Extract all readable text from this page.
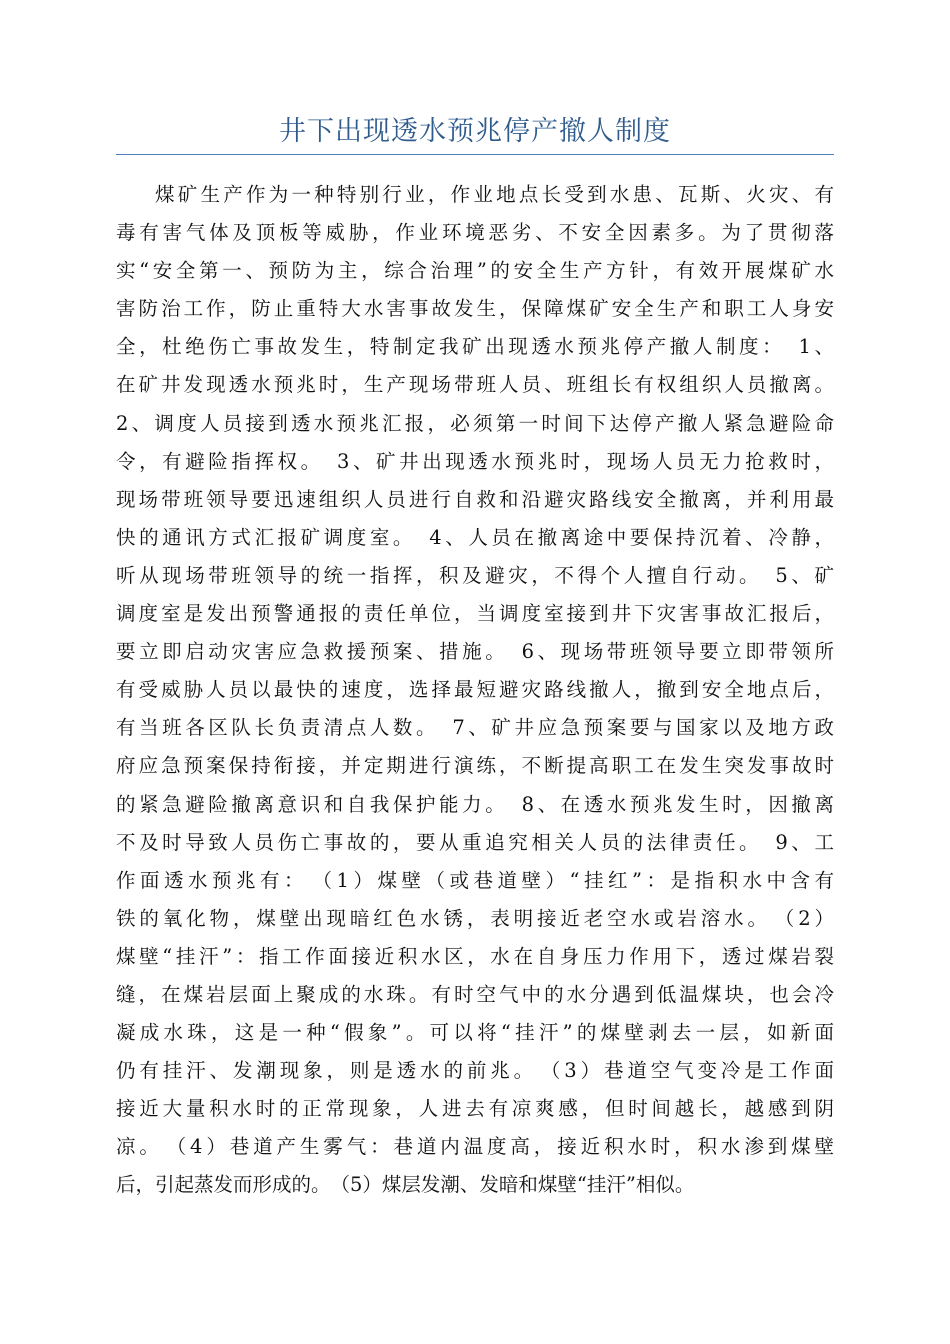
井下出现透水预兆停产撤人制度
煤矿生产作为一种特别行业，作业地点长受到水患、瓦斯、火灾、有
毒有害气体及顶板等威胁，作业环境恶劣、不安全因素多。为了贯彻落
实“安全第一、预防为主，综合治理”的安全生产方针，有效开展煤矿水
害防治工作，防止重特大水害事故发生，保障煤矿安全生产和职工人身安
全，杜绝伤亡事故发生，特制定我矿出现透水预兆停产撤人制度：　1、
在矿井发现透水预兆时，生产现场带班人员、班组长有权组织人员撤离。
2、调度人员接到透水预兆汇报，必须第一时间下达停产撤人紧急避险命
令，有避险指挥权。　3、矿井出现透水预兆时，现场人员无力抢救时，
现场带班领导要迅速组织人员进行自救和沿避灾路线安全撤离，并利用最
快的通讯方式汇报矿调度室。　4、人员在撤离途中要保持沉着、冷静，
听从现场带班领导的统一指挥，积及避灾，不得个人擅自行动。　5、矿
调度室是发出预警通报的责任单位，当调度室接到井下灾害事故汇报后，
要立即启动灾害应急救援预案、措施。　6、现场带班领导要立即带领所
有受威胁人员以最快的速度，选择最短避灾路线撤人，撤到安全地点后，
有当班各区队长负责清点人数。　7、矿井应急预案要与国家以及地方政
府应急预案保持衔接，并定期进行演练，不断提高职工在发生突发事故时
的紧急避险撤离意识和自我保护能力。　8、在透水预兆发生时，因撤离
不及时导致人员伤亡事故的，要从重追究相关人员的法律责任。　9、工
作面透水预兆有：　（1）煤壁（或巷道壁）“挂红”：是指积水中含有
铁的氧化物，煤壁出现暗红色水锈，表明接近老空水或岩溶水。　（2）
煤壁“挂汗”：指工作面接近积水区，水在自身压力作用下，透过煤岩裂
缝，在煤岩层面上聚成的水珠。有时空气中的水分遇到低温煤块，也会冷
凝成水珠，这是一种“假象”。可以将“挂汗”的煤壁剥去一层，如新面
仍有挂汗、发潮现象，则是透水的前兆。　（3）巷道空气变冷是工作面
接近大量积水时的正常现象，人进去有凉爽感，但时间越长，越感到阴
凉。　（4）巷道产生雾气：巷道内温度高，接近积水时，积水渗到煤壁
后，引起蒸发而形成的。　（5）煤层发潮、发暗和煤壁“挂汗”相似。
